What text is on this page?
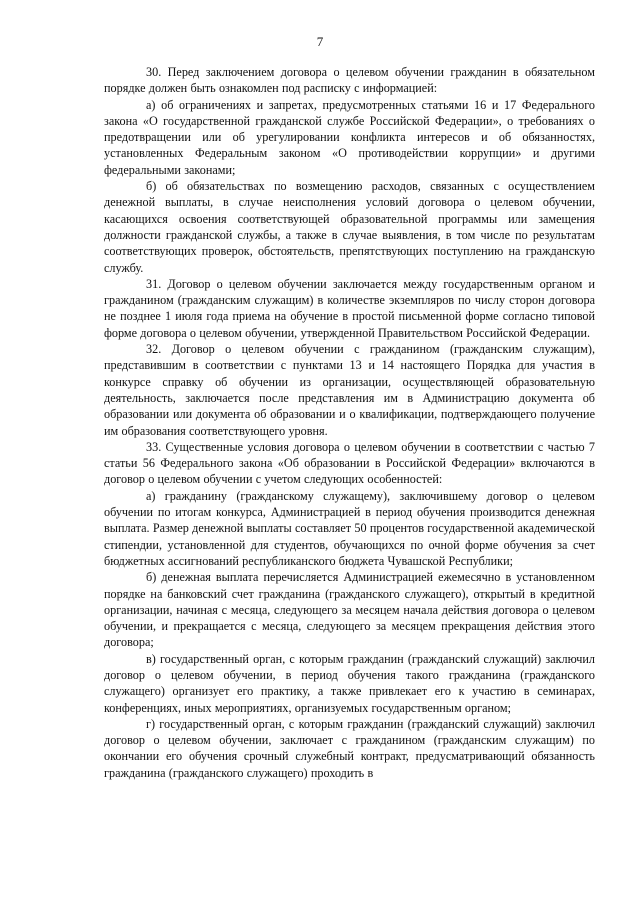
7

30. Перед заключением договора о целевом обучении гражданин в обязательном порядке должен быть ознакомлен под расписку с информацией:

а) об ограничениях и запретах, предусмотренных статьями 16 и 17 Федерального закона «О государственной гражданской службе Российской Федерации», о требованиях о предотвращении или об урегулировании конфликта интересов и об обязанностях, установленных Федеральным законом «О противодействии коррупции» и другими федеральными законами;

б) об обязательствах по возмещению расходов, связанных с осуществлением денежной выплаты, в случае неисполнения условий договора о целевом обучении, касающихся освоения соответствующей образовательной программы или замещения должности гражданской службы, а также в случае выявления, в том числе по результатам соответствующих проверок, обстоятельств, препятствующих поступлению на гражданскую службу.

31. Договор о целевом обучении заключается между государственным органом и гражданином (гражданским служащим) в количестве экземпляров по числу сторон договора не позднее 1 июля года приема на обучение в простой письменной форме согласно типовой форме договора о целевом обучении, утвержденной Правительством Российской Федерации.

32. Договор о целевом обучении с гражданином (гражданским служащим), представившим в соответствии с пунктами 13 и 14 настоящего Порядка для участия в конкурсе справку об обучении из организации, осуществляющей образовательную деятельность, заключается после представления им в Администрацию документа об образовании или документа об образовании и о квалификации, подтверждающего получение им образования соответствующего уровня.

33. Существенные условия договора о целевом обучении в соответствии с частью 7 статьи 56 Федерального закона «Об образовании в Российской Федерации» включаются в договор о целевом обучении с учетом следующих особенностей:

а) гражданину (гражданскому служащему), заключившему договор о целевом обучении по итогам конкурса, Администрацией в период обучения производится денежная выплата. Размер денежной выплаты составляет 50 процентов государственной академической стипендии, установленной для студентов, обучающихся по очной форме обучения за счет бюджетных ассигнований республиканского бюджета Чувашской Республики;

б) денежная выплата перечисляется Администрацией ежемесячно в установленном порядке на банковский счет гражданина (гражданского служащего), открытый в кредитной организации, начиная с месяца, следующего за месяцем начала действия договора о целевом обучении, и прекращается с месяца, следующего за месяцем прекращения действия этого договора;

в) государственный орган, с которым гражданин (гражданский служащий) заключил договор о целевом обучении, в период обучения такого гражданина (гражданского служащего) организует его практику, а также привлекает его к участию в семинарах, конференциях, иных мероприятиях, организуемых государственным органом;

г) государственный орган, с которым гражданин (гражданский служащий) заключил договор о целевом обучении, заключает с гражданином (гражданским служащим) по окончании его обучения срочный служебный контракт, предусматривающий обязанность гражданина (гражданского служащего) проходить в
